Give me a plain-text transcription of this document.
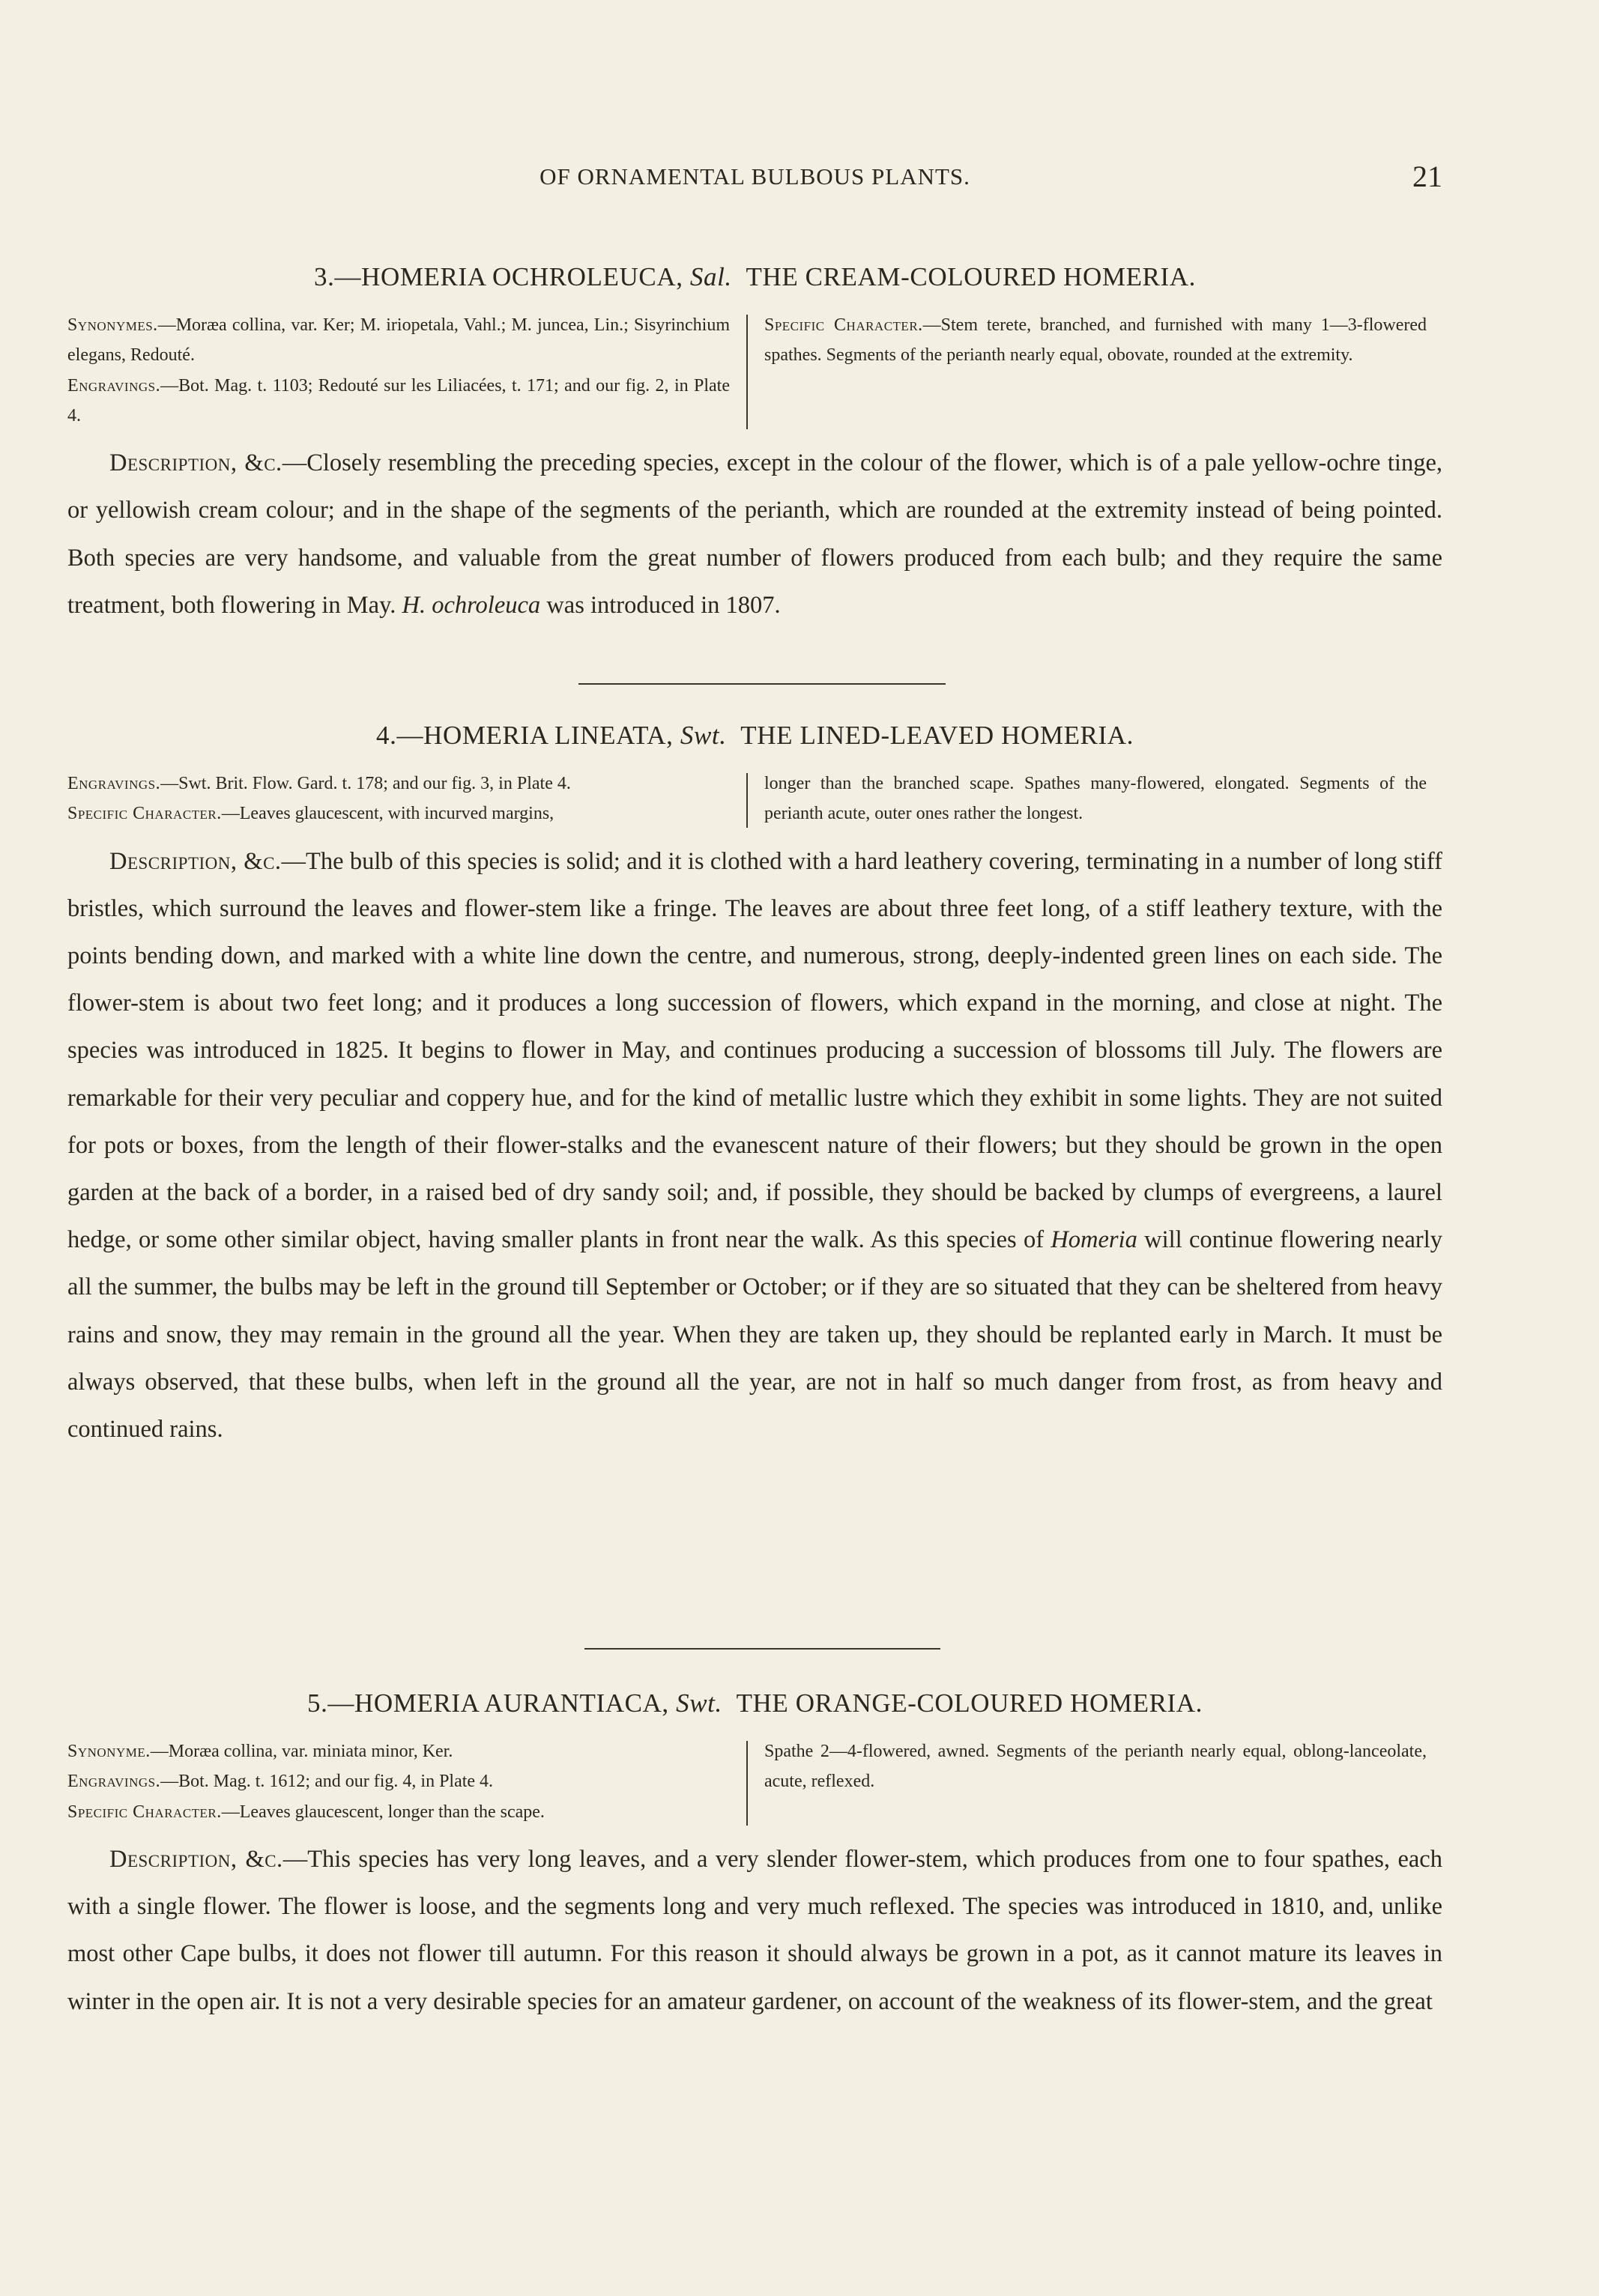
OF ORNAMENTAL BULBOUS PLANTS.	21
3.—HOMERIA OCHROLEUCA, Sal. THE CREAM-COLOURED HOMERIA.
Synonymes.—Moræa collina, var. Ker; M. iriopetala, Vahl.; M. juncea, Lin.; Sisyrinchium elegans, Redouté.
Engravings.—Bot. Mag. t. 1103; Redouté sur les Liliacées, t. 171; and our fig. 2, in Plate 4.
Specific Character.—Stem terete, branched, and furnished with many 1—3-flowered spathes. Segments of the perianth nearly equal, obovate, rounded at the extremity.

Description, &c.—Closely resembling the preceding species, except in the colour of the flower, which is of a pale yellow-ochre tinge, or yellowish cream colour; and in the shape of the segments of the perianth, which are rounded at the extremity instead of being pointed. Both species are very handsome, and valuable from the great number of flowers produced from each bulb; and they require the same treatment, both flowering in May. H. ochroleuca was introduced in 1807.

4.—HOMERIA LINEATA, Swt. THE LINED-LEAVED HOMERIA.
Engravings.—Swt. Brit. Flow. Gard. t. 178; and our fig. 3, in Plate 4.
Specific Character.—Leaves glaucescent, with incurved margins,
longer than the branched scape. Spathes many-flowered, elongated. Segments of the perianth acute, outer ones rather the longest.

Description, &c.—The bulb of this species is solid; and it is clothed with a hard leathery covering, terminating in a number of long stiff bristles, which surround the leaves and flower-stem like a fringe. The leaves are about three feet long, of a stiff leathery texture, with the points bending down, and marked with a white line down the centre, and numerous, strong, deeply-indented green lines on each side. The flower-stem is about two feet long; and it produces a long succession of flowers, which expand in the morning, and close at night. The species was introduced in 1825. It begins to flower in May, and continues producing a succession of blossoms till July. The flowers are remarkable for their very peculiar and coppery hue, and for the kind of metallic lustre which they exhibit in some lights. They are not suited for pots or boxes, from the length of their flower-stalks and the evanescent nature of their flowers; but they should be grown in the open garden at the back of a border, in a raised bed of dry sandy soil; and, if possible, they should be backed by clumps of evergreens, a laurel hedge, or some other similar object, having smaller plants in front near the walk. As this species of Homeria will continue flowering nearly all the summer, the bulbs may be left in the ground till September or October; or if they are so situated that they can be sheltered from heavy rains and snow, they may remain in the ground all the year. When they are taken up, they should be replanted early in March. It must be always observed, that these bulbs, when left in the ground all the year, are not in half so much danger from frost, as from heavy and continued rains.

5.—HOMERIA AURANTIACA, Swt. THE ORANGE-COLOURED HOMERIA.
Synonyme.—Moræa collina, var. miniata minor, Ker.
Engravings.—Bot. Mag. t. 1612; and our fig. 4, in Plate 4.
Specific Character.—Leaves glaucescent, longer than the scape.
Spathe 2—4-flowered, awned. Segments of the perianth nearly equal, oblong-lanceolate, acute, reflexed.

Description, &c.—This species has very long leaves, and a very slender flower-stem, which produces from one to four spathes, each with a single flower. The flower is loose, and the segments long and very much reflexed. The species was introduced in 1810, and, unlike most other Cape bulbs, it does not flower till autumn. For this reason it should always be grown in a pot, as it cannot mature its leaves in winter in the open air. It is not a very desirable species for an amateur gardener, on account of the weakness of its flower-stem, and the great
